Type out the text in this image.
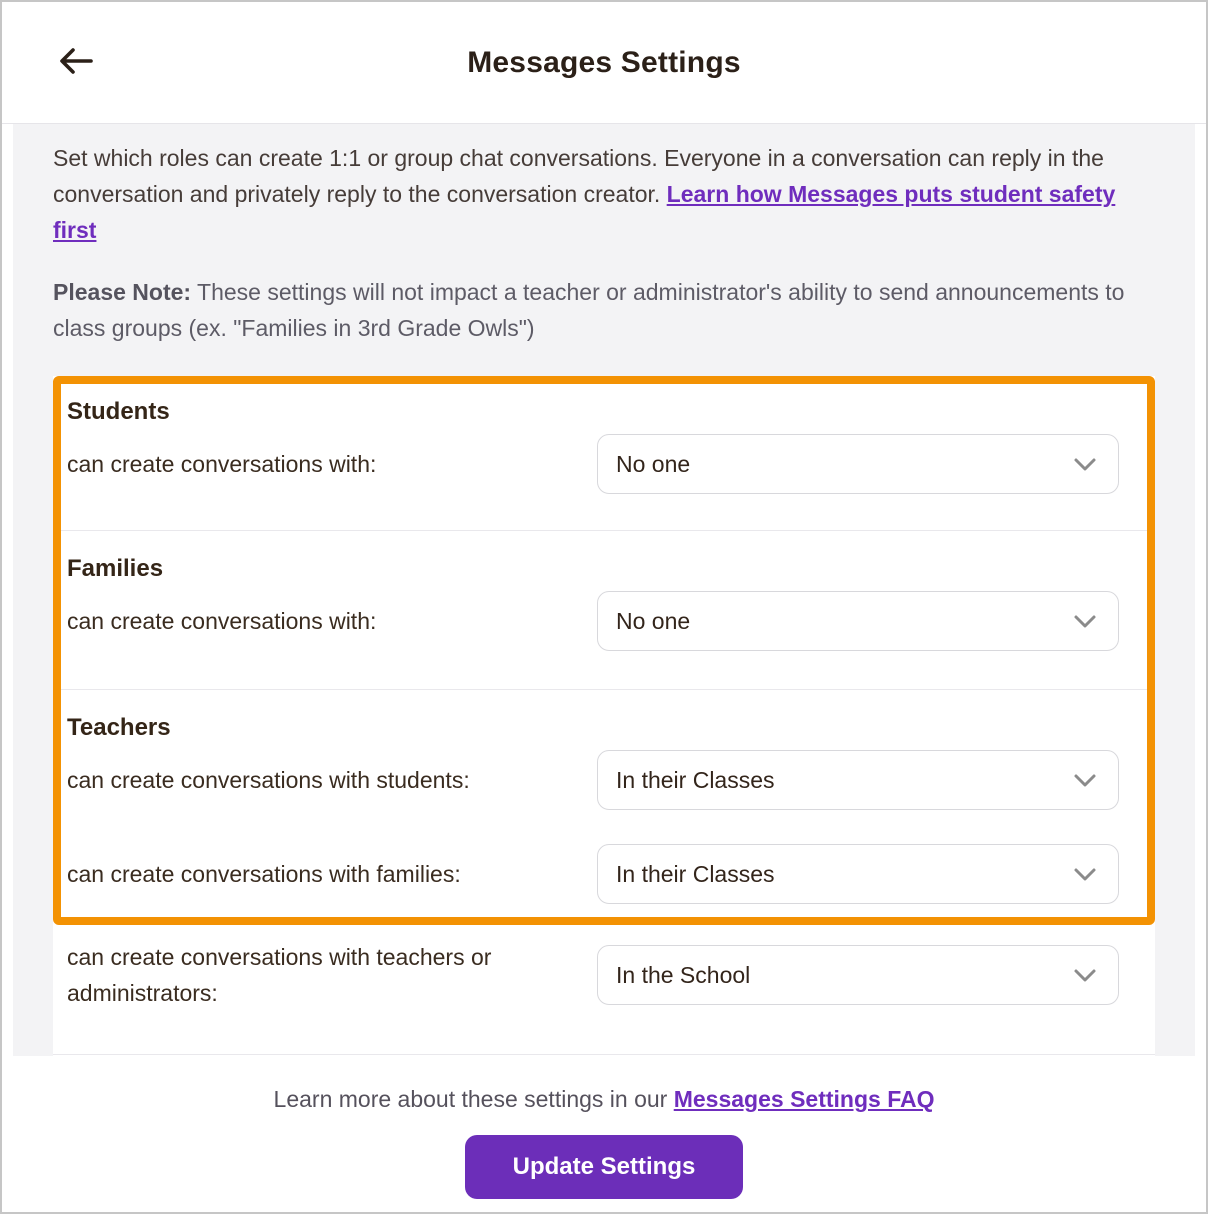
Messages Settings

Set which roles can create 1:1 or group chat conversations. Everyone in a conversation can reply in the conversation and privately reply to the conversation creator. Learn how Messages puts student safety first

Please Note: These settings will not impact a teacher or administrator's ability to send announcements to class groups (ex. "Families in 3rd Grade Owls")

Students
can create conversations with:	No one
Families
can create conversations with:	No one
Teachers
can create conversations with students:	In their Classes
can create conversations with families:	In their Classes
can create conversations with teachers or administrators:
In the School

Learn more about these settings in our Messages Settings FAQ

Update Settings
